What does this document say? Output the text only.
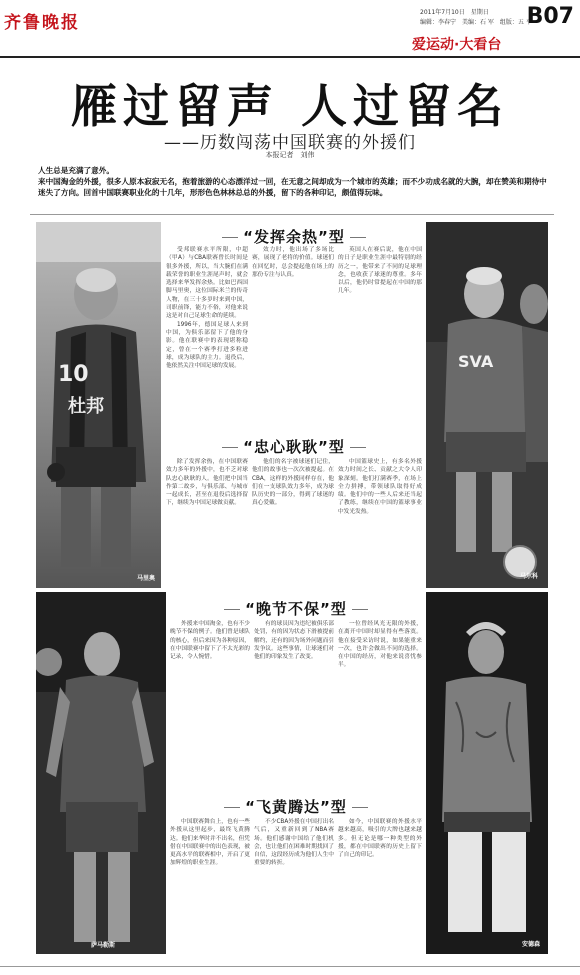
齐鲁晚报
2011年7月10日　星期日
编辑：李春宁　美编：石 军　组版：五 平
B07
爱运动·大看台
雁过留声 人过留名
——历数闯荡中国联赛的外援们
本报记者　刘伟

人生总是充满了意外。

来中国淘金的外援，很多人原本寂寂无名，抱着旅游的心态漂洋过一回，在无意之间却成为一个城市的英雄；而不少功成名就的大腕，却在赞美和期待中迷失了方向。回首中国联赛职业化的十几年，形形色色林林总总的外援，留下的各种印记，颇值得玩味。

10
杜邦
马里奥
SVA
马尔科
萨马勒斯	安德森
“发挥余热”型

受邦联赛水平所限，中超（甲A）与CBA联赛曾长时间是很多外援，所以，当大腕们在满载荣誉的职业生涯尾声时，就会选择来华发挥余热。比如巴西国脚马里奥，这位国际米兰的传奇人物，在三十多岁时来到中国，司职前锋，能力不俗，对他来说这是对自己足球生命的延续。

1996年，德国足球人来到中国，为俱乐部留下了他的身影。他在联赛中的表现堪称稳定，曾在一个赛季打进多粒进球，成为球队的主力。退役后，他依然关注中国足球的发展。

效力时，他出场了多场比赛，展现了老将的价值。球迷们在回忆时，总会提起他在场上的那份专注与认真。

英国人在赛后说，他在中国的日子是职业生涯中最特别的经历之一，他带来了不同的足球理念，也收获了球迷的尊重。多年以后，他仍时常提起在中国的那几年。

“忠心耿耿”型

除了发挥余热，在中国联赛效力多年的外援中，也不乏对球队忠心耿耿的人。他们把中国当作第二故乡，与俱乐部、与城市一起成长，甚至在退役后选择留下，继续为中国足球做贡献。

他们的名字被球迷们记住，他们的故事也一次次被提起。在CBA，这样的外援同样存在，他们在一支球队效力多年，成为球队历史的一部分，得到了球迷的真心爱戴。

中国篮球史上，有多名外援效力时间之长、贡献之大令人印象深刻。他们打满赛季，在场上全力拼搏，带领球队取得好成绩。他们中的一些人后来还当起了教练，继续在中国的篮球事业中发光发热。

“晚节不保”型

外援来中国淘金，也有不少晚节不保的例子。他们曾是球队的核心，但后来因为各种原因，在中国联赛中留下了不太光彩的记录，令人惋惜。

有的球员因为违纪被俱乐部处罚，有的因为状态下滑被提前解约，还有的因为场外问题而引发争议。这些事情，让球迷们对他们的印象发生了改变。

一位曾经风光无限的外援，在离开中国时却显得有些落寞。他在接受采访时说，如果能重来一次，也许会做出不同的选择。在中国的经历，对他来说喜忧参半。

“飞黄腾达”型

中国联赛舞台上，也有一些外援从这里起步，最终飞黄腾达。他们来华时并不出名，但凭借在中国联赛中的出色表现，被更高水平的联赛相中，开启了更加辉煌的职业生涯。

不少CBA外援在中国打出名气后，又重新回到了NBA赛场。他们感谢中国给了他们机会，也让他们在困难时期找回了自信，这段经历成为他们人生中重要的转折。

如今，中国联赛的外援水平越来越高，吸引的大牌也越来越多。但无论是哪一种类型的外援，都在中国联赛的历史上留下了自己的印记。
